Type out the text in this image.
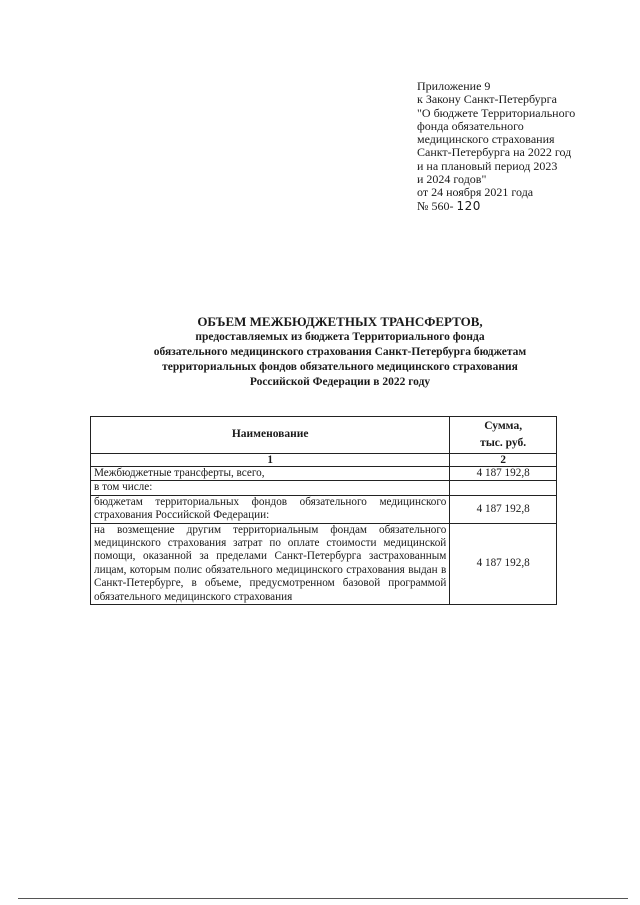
Приложение 9
к Закону Санкт-Петербурга
"О бюджете Территориального
фонда обязательного
медицинского страхования
Санкт-Петербурга на 2022 год
и на плановый период 2023
и 2024 годов"
от 24 ноября 2021 года
№ 560- 120
ОБЪЕМ МЕЖБЮДЖЕТНЫХ ТРАНСФЕРТОВ,
предоставляемых из бюджета Территориального фонда
обязательного медицинского страхования Санкт-Петербурга бюджетам
территориальных фондов обязательного медицинского страхования
Российской Федерации в 2022 году
Наименование	Сумма,
тыс. руб.

1	2
Межбюджетные трансферты, всего,	4 187 192,8
в том числе:	
бюджетам территориальных фондов обязательного медицинского страхования Российской Федерации:	4 187 192,8
на возмещение другим территориальным фондам обязательного медицинского страхования затрат по оплате стоимости медицинской помощи, оказанной за пределами Санкт-Петербурга застрахованным лицам, которым полис обязательного медицинского страхования выдан в Санкт-Петербурге, в объеме, предусмотренном базовой программой обязательного медицинского страхования	4 187 192,8
